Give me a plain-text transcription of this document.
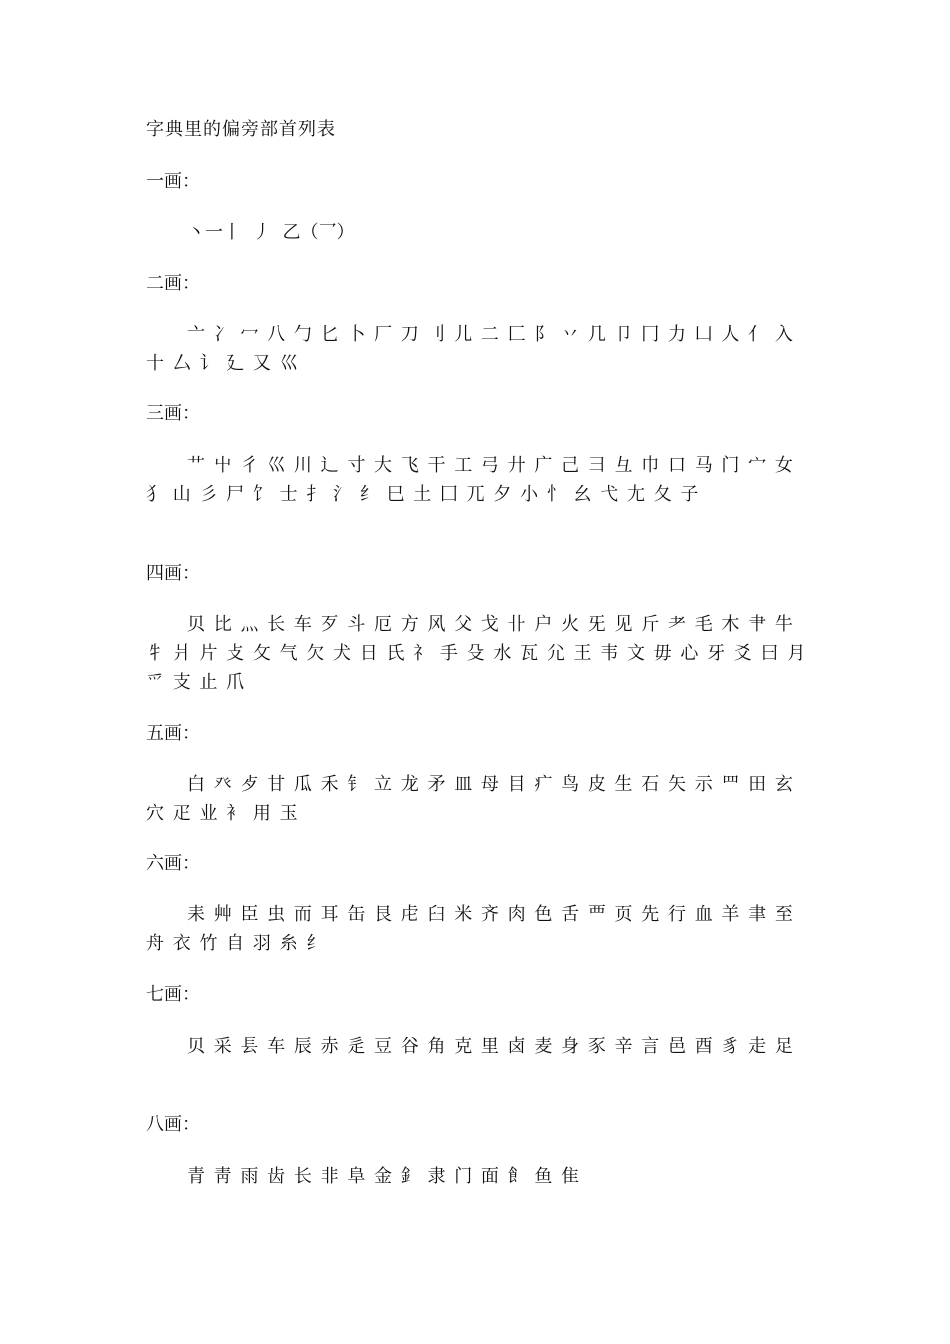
字典里的偏旁部首列表
一画：
丶一丨 丿 乙（乛）
二画：
亠 冫 冖 八 勹 匕 卜 厂 刀 刂 儿 二 匚 阝 丷 几 卩 冂 力 凵 人 亻 入 十 厶 讠 廴 又 巛
三画：
艹 屮 彳 巛 川 辶 寸 大 飞 干 工 弓 廾 广 己 彐 彑 巾 口 马 门 宀 女 犭 山 彡 尸 饣 士 扌 氵 纟 巳 土 囗 兀 夕 小 忄 幺 弋 尢 夂 子
四画：
贝 比 灬 长 车 歹 斗 厄 方 风 父 戈 卝 户 火 旡 见 斤 耂 毛 木 肀 牛 牜 爿 片 攴 攵 气 欠 犬 日 氏 礻 手 殳 水 瓦 尣 王 韦 文 毋 心 牙 爻 曰 月 爫 支 止 爪
五画：
白 癶 歺 甘 瓜 禾 钅 立 龙 矛 皿 母 目 疒 鸟 皮 生 石 矢 示 罒 田 玄 穴 疋 业 衤 用 玉
六画：
耒 艸 臣 虫 而 耳 缶 艮 虍 臼 米 齐 肉 色 舌 覀 页 先 行 血 羊 聿 至 舟 衣 竹 自 羽 糸 纟
七画：
贝 采 镸 车 辰 赤 辵 豆 谷 角 克 里 卤 麦 身 豕 辛 言 邑 酉 豸 走 足
八画：
青 靑 雨 齿 长 非 阜 金 釒 隶 门 面 飠 鱼 隹
